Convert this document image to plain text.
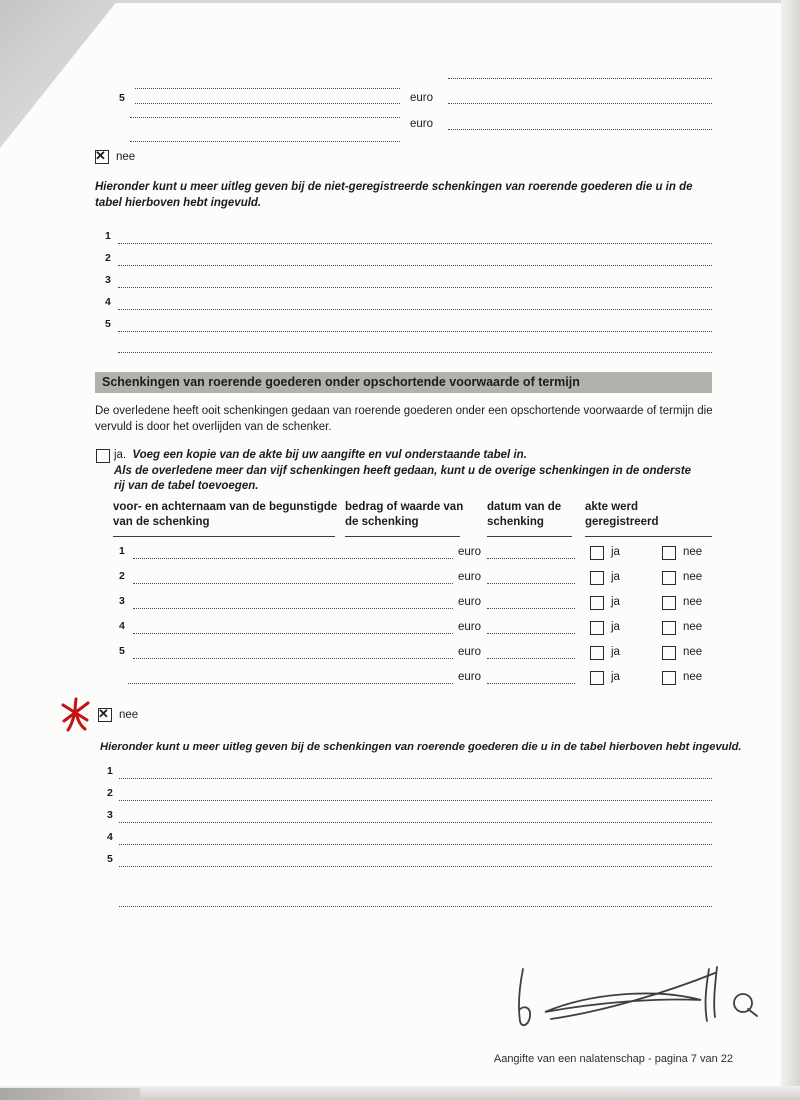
5	euro
euro
✕ nee
Hieronder kunt u meer uitleg geven bij de niet-geregistreerde schenkingen van roerende goederen die u in de tabel hierboven hebt ingevuld.
1
2
3
4
5
Schenkingen van roerende goederen onder opschortende voorwaarde of termijn
De overledene heeft ooit schenkingen gedaan van roerende goederen onder een opschortende voorwaarde of termijn die vervuld is door het overlijden van de schenker.
ja. Voeg een kopie van de akte bij uw aangifte en vul onderstaande tabel in.
Als de overledene meer dan vijf schenkingen heeft gedaan, kunt u de overige schenkingen in de onderste rij van de tabel toevoegen.
voor- en achternaam van de begunstigde
van de schenking
bedrag of waarde van
de schenking
datum van de
schenking
akte werd
geregistreerd
1	euro	ja	nee
2	euro	ja	nee
3	euro	ja	nee
4	euro	ja	nee
5	euro	ja	nee
euro	ja	nee
✕ nee
Hieronder kunt u meer uitleg geven bij de schenkingen van roerende goederen die u in de tabel hierboven hebt ingevuld.
1
2
3
4
5
Aangifte van een nalatenschap - pagina 7 van 22
